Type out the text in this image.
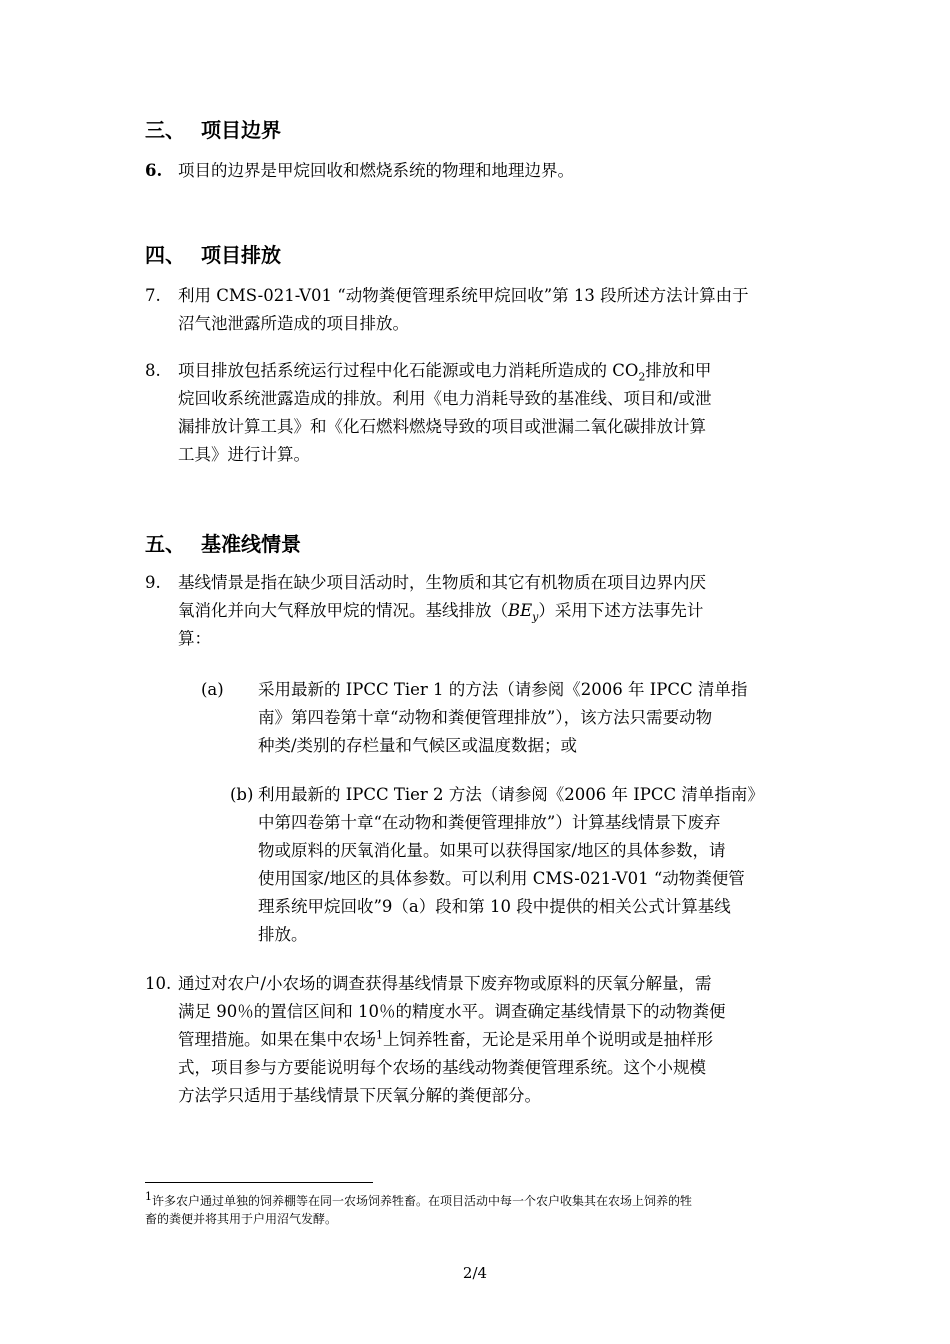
三、 项目边界
6. 项目的边界是甲烷回收和燃烧系统的物理和地理边界。
四、 项目排放
7. 利用 CMS-021-V01 “动物粪便管理系统甲烷回收”第 13 段所述方法计算由于
沼气池泄露所造成的项目排放。
8. 项目排放包括系统运行过程中化石能源或电力消耗所造成的 $CO_2$排放和甲
烷回收系统泄露造成的排放。利用《电力消耗导致的基准线、项目和/或泄
漏排放计算工具》和《化石燃料燃烧导致的项目或泄漏二氧化碳排放计算
工具》进行计算。
五、 基准线情景
9. 基线情景是指在缺少项目活动时，生物质和其它有机物质在项目边界内厌
氧消化并向大气释放甲烷的情况。基线排放$(BE_y)$采用下述方法事先计
算：
(a) 采用最新的 IPCC Tier 1 的方法（请参阅《2006 年 IPCC 清单指
南》第四卷第十章“动物和粪便管理排放”），该方法只需要动物
种类/类别的存栏量和气候区或温度数据；或
(b) 利用最新的 IPCC Tier 2 方法（请参阅《2006 年 IPCC 清单指南》
中第四卷第十章“在动物和粪便管理排放”）计算基线情景下废弃
物或原料的厌氧消化量。如果可以获得国家/地区的具体参数，请
使用国家/地区的具体参数。可以利用 CMS-021-V01 “动物粪便管
理系统甲烷回收”9（a）段和第 10 段中提供的相关公式计算基线
排放。
10. 通过对农户/小农场的调查获得基线情景下废弃物或原料的厌氧分解量，需
满足 90％的置信区间和 10％的精度水平。调查确定基线情景下的动物粪便
管理措施。如果在集中农场$^1$上饲养牲畜，无论是采用单个说明或是抽样形
式，项目参与方要能说明每个农场的基线动物粪便管理系统。这个小规模
方法学只适用于基线情景下厌氧分解的粪便部分。
$^1$许多农户通过单独的饲养棚等在同一农场饲养牲畜。在项目活动中每一个农户收集其在农场上饲养的牲
畜的粪便并将其用于户用沼气发酵。
2/4
